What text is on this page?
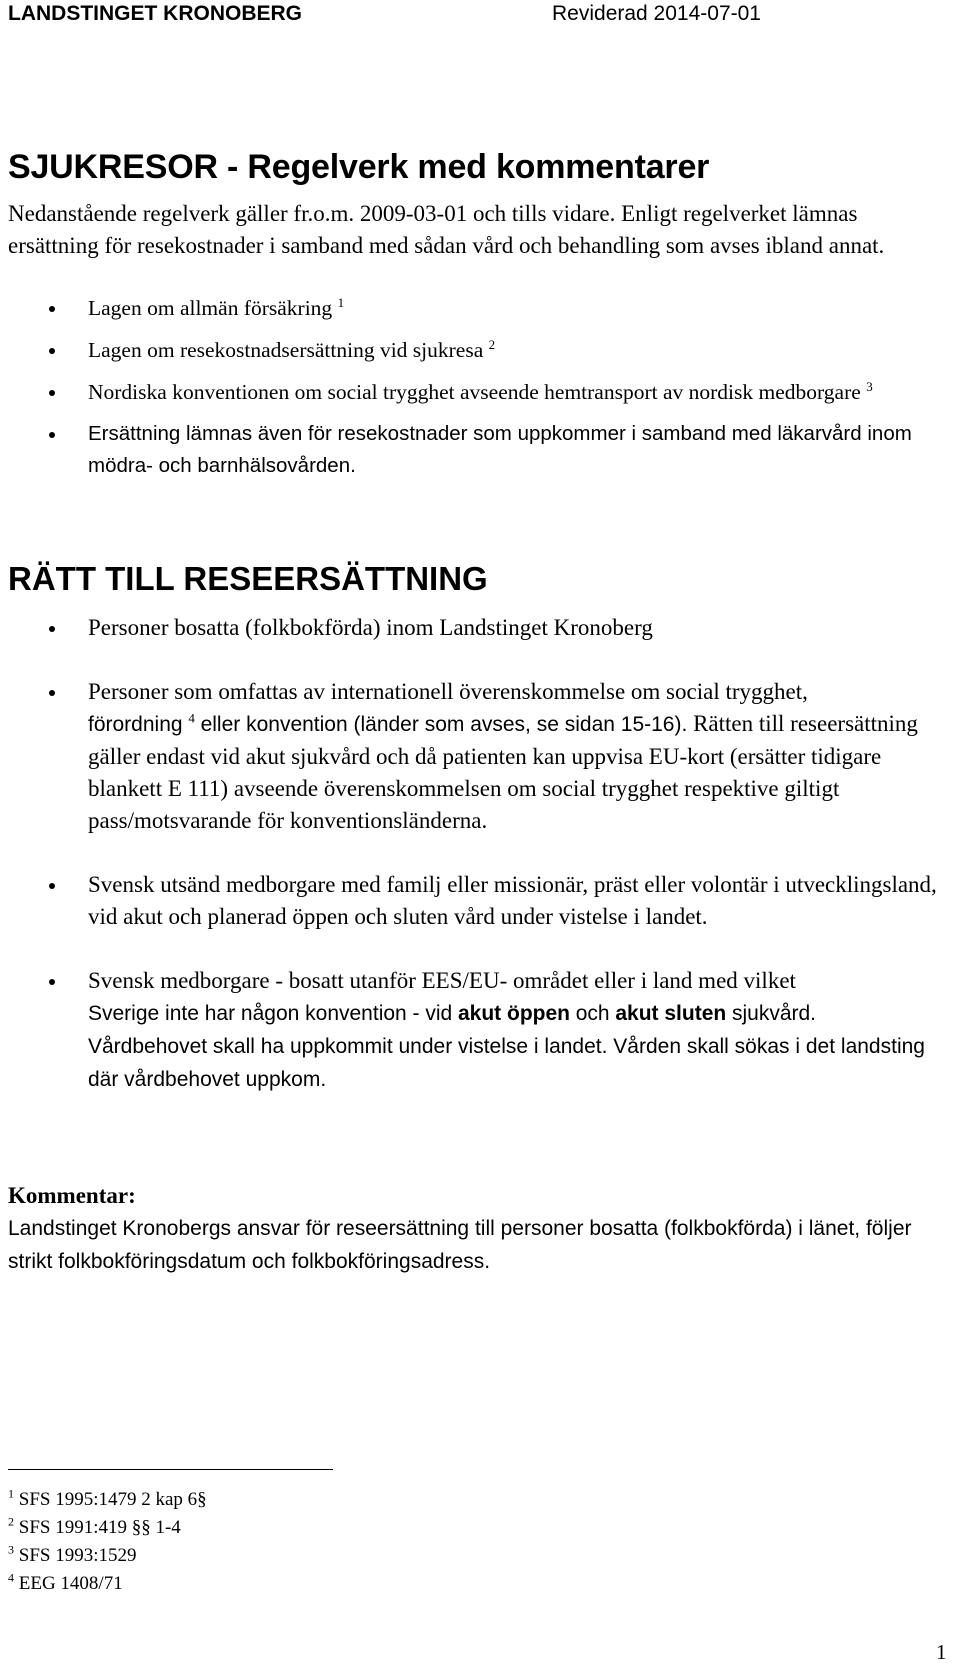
LANDSTINGET KRONOBERG	Reviderad 2014-07-01
SJUKRESOR - Regelverk med kommentarer

Nedanstående regelverk gäller fr.o.m. 2009-03-01 och tills vidare. Enligt regelverket lämnas ersättning för resekostnader i samband med sådan vård och behandling som avses ibland annat.

Lagen om allmän försäkring $^1$
Lagen om resekostnadsersättning vid sjukresa $^2$
Nordiska konventionen om social trygghet avseende hemtransport av nordisk medborgare $^3$
Ersättning lämnas även för resekostnader som uppkommer i samband med läkarvård inom mödra- och barnhälsovården.
RÄTT TILL RESEERSÄTTNING
Personer bosatta (folkbokförda) inom Landstinget Kronoberg
Personer som omfattas av internationell överenskommelse om social trygghet,
förordning $^4$ eller konvention (länder som avses, se sidan 15-16). Rätten till reseersättning gäller endast vid akut sjukvård och då patienten kan uppvisa EU-kort (ersätter tidigare blankett E 111) avseende överenskommelsen om social trygghet respektive giltigt pass/motsvarande för konventionsländerna.
Svensk utsänd medborgare med familj eller missionär, präst eller volontär i utvecklingsland, vid akut och planerad öppen och sluten vård under vistelse i landet.
Svensk medborgare - bosatt utanför EES/EU- området eller i land med vilket
Sverige inte har någon konvention - vid akut öppen och akut sluten sjukvård.
Vårdbehovet skall ha uppkommit under vistelse i landet. Vården skall sökas i det landsting där vårdbehovet uppkom.
Kommentar:
Landstinget Kronobergs ansvar för reseersättning till personer bosatta (folkbokförda) i länet, följer strikt folkbokföringsdatum och folkbokföringsadress.
$^1$ SFS 1995:1479 2 kap 6§
$^2$ SFS 1991:419 §§ 1-4
$^3$ SFS 1993:1529
$^4$ EEG 1408/71
1
